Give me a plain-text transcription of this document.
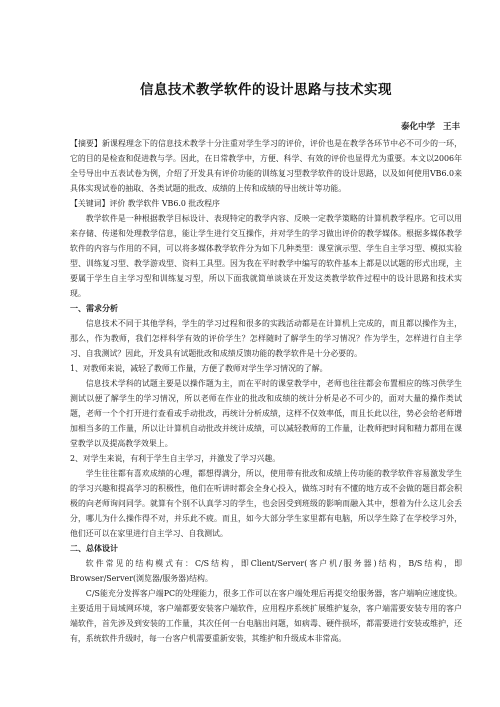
信息技术教学软件的设计思路与技术实现
泰化中学 王丰

【摘要】新课程理念下的信息技术教学十分注重对学生学习的评价，评价也是在教学各环节中必不可少的一环，它的目的是检查和促进教与学。因此，在日常教学中，方便、科学、有效的评价也显得尤为重要。本文以2006年全号导出中五表试卷为例，介绍了开发具有评价功能的训练复习型教学软件的设计思路，以及如何使用VB6.0来具体实现试卷的抽取、各类试题的批改、成绩的上传和成绩的导出统计等功能。

【关键词】评价 教学软件 VB6.0 批改程序

教学软件是一种根据教学目标设计、表现特定的教学内容、反映一定教学策略的计算机教学程序。它可以用来存储、传递和处理教学信息，能让学生进行交互操作，并对学生的学习做出评价的教学媒体。根据多媒体教学软件的内容与作用的不同，可以将多媒体教学软件分为如下几种类型：课堂演示型、学生自主学习型、模拟实验型、训练复习型、教学游戏型、资料工具型。因为我在平时教学中编写的软件基本上都是以试题的形式出现，主要属于学生自主学习型和训练复习型，所以下面我就简单谈谈在开发这类教学软件过程中的设计思路和技术实现。

一、需求分析

信息技术不同于其他学科，学生的学习过程和很多的实践活动都是在计算机上完成的，而且都以操作为主，那么，作为教师，我们怎样科学有效的评价学生？怎样随时了解学生的学习情况？作为学生，怎样进行自主学习、自我测试？因此，开发具有试题批改和成绩反馈功能的教学软件是十分必要的。

1、对教师来说，减轻了教师工作量，方便了教师对学生学习情况的了解。

信息技术学科的试题主要是以操作题为主，而在平时的课堂教学中，老师也往往都会布置相应的练习供学生测试以便了解学生的学习情况，所以老师在作业的批改和成绩的统计分析是必不可少的，面对大量的操作类试题，老师一个个打开进行查看或手动批改，再统计分析成绩，这样不仅效率低，而且长此以往，势必会给老师增加相当多的工作量，所以让计算机自动批改并统计成绩，可以减轻教师的工作量，让教师把时间和精力都用在课堂教学以及提高教学效果上。

2、对学生来说，有利于学生自主学习，并激发了学习兴趣。

学生往往都有喜欢成绩的心理，都想得满分，所以，使用带有批改和成绩上传功能的教学软件容易激发学生的学习兴趣和提高学习的积极性，他们在听讲时都会全身心投入，做练习时有不懂的地方或不会做的题目都会积极的向老师询问同学。就算有个别不认真学习的学生，也会因受到班级的影响而融入其中，想着为什么这儿会丢分，哪儿为什么操作得不对，并乐此不疲。而且，如今大部分学生家里都有电脑，所以学生除了在学校学习外，他们还可以在家里进行自主学习、自我测试。

二、总体设计

软件常见的结构模式有：C/S结构，即Client/Server(客户机/服务器)结构，B/S结构，即Browser/Server(浏览器/服务器)结构。

C/S能充分发挥客户端PC的处理能力，很多工作可以在客户端处理后再提交给服务器，客户端响应速度快。主要适用于局域网环境，客户端都要安装客户端软件，应用程序系统扩展维护复杂，客户端需要安装专用的客户端软件，首先涉及到安装的工作量，其次任何一台电脑出问题，如病毒、硬件损坏，都需要进行安装或维护，还有，系统软件升级时，每一台客户机需要重新安装，其维护和升级成本非常高。
